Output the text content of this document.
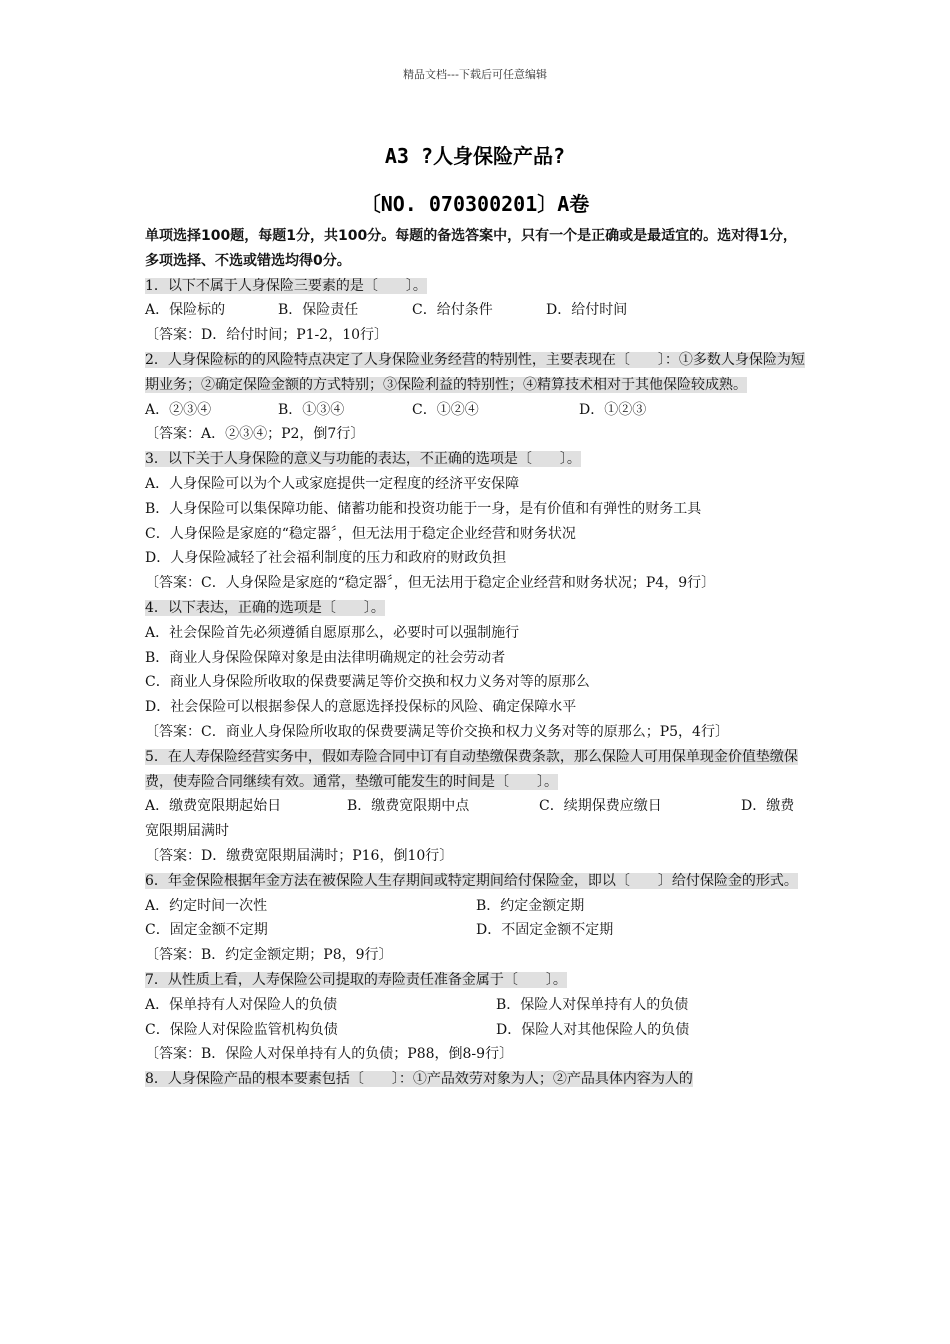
精品文档---下载后可任意编辑
A3 ?人身保险产品?
〔NO. 070300201〕A卷

单项选择100题，每题1分，共100分。每题的备选答案中，只有一个是正确或是最适宜的。选对得1分，多项选择、不选或错选均得0分。

1．以下不属于人身保险三要素的是〔　　〕。

A．保险标的	B．保险责任	C．给付条件	D．给付时间

〔答案：D．给付时间；P1-2，10行〕

2．人身保险标的的风险特点决定了人身保险业务经营的特别性，主要表现在〔　　〕：①多数人身保险为短期业务；②确定保险金额的方式特别；③保险利益的特别性；④精算技术相对于其他保险较成熟。

A．②③④	B．①③④	C．①②④	D．①②③

〔答案：A．②③④；P2，倒7行〕

3．以下关于人身保险的意义与功能的表达，不正确的选项是〔　　〕。

A．人身保险可以为个人或家庭提供一定程度的经济平安保障

B．人身保险可以集保障功能、储蓄功能和投资功能于一身，是有价值和有弹性的财务工具

C．人身保险是家庭的“稳定器〞，但无法用于稳定企业经营和财务状况

D．人身保险减轻了社会福利制度的压力和政府的财政负担

〔答案：C．人身保险是家庭的“稳定器〞，但无法用于稳定企业经营和财务状况；P4，9行〕

4．以下表达，正确的选项是〔　　〕。

A．社会保险首先必须遵循自愿原那么，必要时可以强制施行

B．商业人身保险保障对象是由法律明确规定的社会劳动者

C．商业人身保险所收取的保费要满足等价交换和权力义务对等的原那么

D．社会保险可以根据参保人的意愿选择投保标的风险、确定保障水平

〔答案：C．商业人身保险所收取的保费要满足等价交换和权力义务对等的原那么；P5，4行〕

5．在人寿保险经营实务中，假如寿险合同中订有自动垫缴保费条款，那么保险人可用保单现金价值垫缴保费，使寿险合同继续有效。通常，垫缴可能发生的时间是〔　　〕。

A．缴费宽限期起始日	B．缴费宽限期中点	C．续期保费应缴日	D．缴费

宽限期届满时

〔答案：D．缴费宽限期届满时；P16，倒10行〕

6．年金保险根据年金方法在被保险人生存期间或特定期间给付保险金，即以〔　　〕给付保险金的形式。

A．约定时间一次性	B．约定金额定期
C．固定金额不定期	D．不固定金额不定期

〔答案：B．约定金额定期；P8，9行〕

7．从性质上看，人寿保险公司提取的寿险责任准备金属于〔　　〕。

A．保单持有人对保险人的负债	B．保险人对保单持有人的负债
C．保险人对保险监管机构负债	D．保险人对其他保险人的负债

〔答案：B．保险人对保单持有人的负债；P88，倒8-9行〕

8．人身保险产品的根本要素包括〔　　〕：①产品效劳对象为人；②产品具体内容为人的
